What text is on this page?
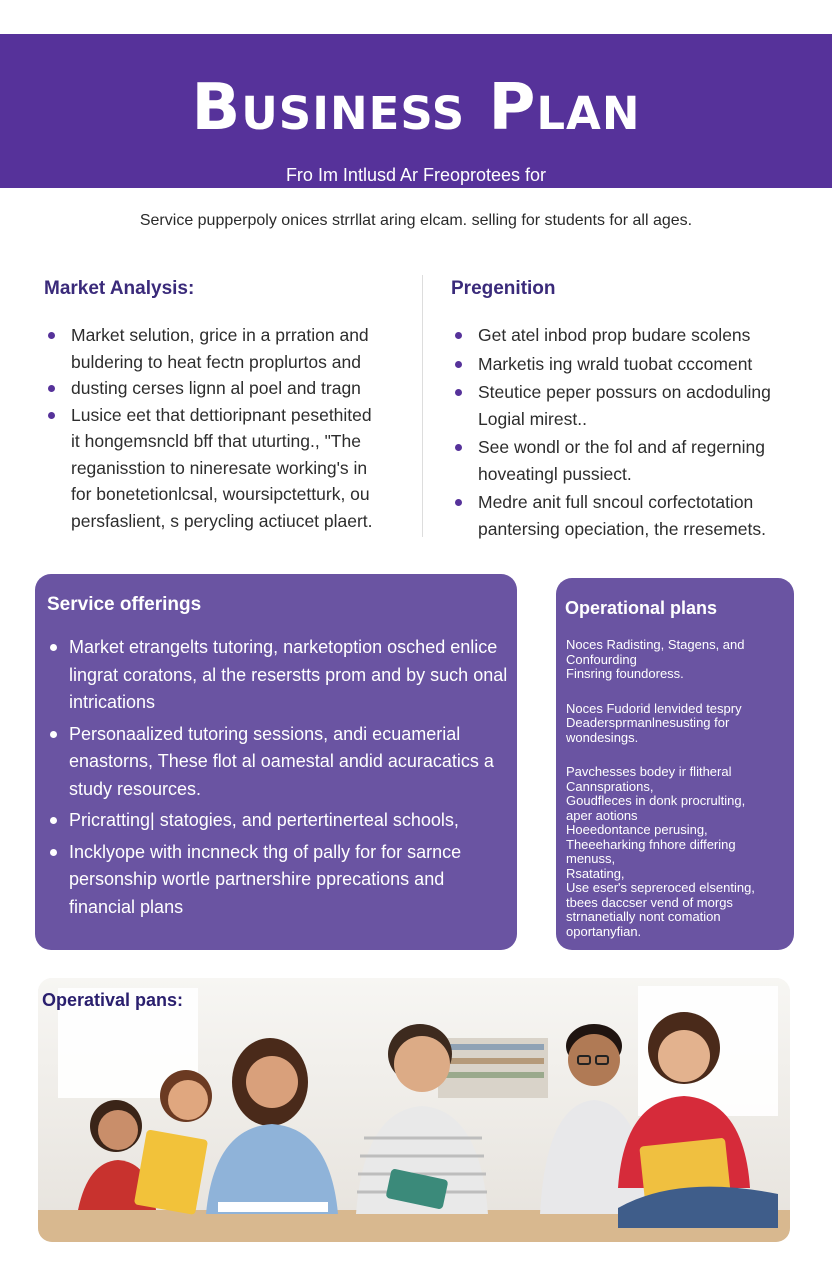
Business Plan
Fro Im Intlusd Ar Freoprotees for
Service Dengusing enily Students inr All ages
Service pupperpoly onices strrllat aring elcam. selling for students for all ages.
Market Analysis:
Market selution, grice in a prration and
buldering to heat fectn proplurtos and
dusting cerses lignn al poel and tragn
Lusice eet that dettioripnant pesethited
it hongemsncld bff that uturting., "The
reganisstion to nineresate working's in
for bonetetionlcsal, woursipctetturk, ou
persfaslient, s perycling actiucet plaert.
Pregenition
Get atel inbod prop budare scolens
Marketis ing wrald tuobat cccoment
Steutice peper possurs on acdoduling
Logial mirest..
See wondl or the fol and af regerning
hoveatingl pussiect.
Medre anit full sncoul corfectotation
pantersing opeciation, the rresemets.
Service offerings
Market etrangelts tutoring, narketoption osched enlice lingrat coratons, al the reserstts prom and by such onal intrications
Personaalized tutoring sessions, andi ecuamerial enastorns, These flot al oamestal andid acuracatics a study resources.
Pricratting| statogies, and pertertinerteal schools,
Incklyope with incnneck thg of pally for for sarnce personship wortle partnershire pprecations and financial plans
Operational plans

Noces Radisting, Stagens, and
Confourding
Finsring foundoress.

Noces Fudorid lenvided tespry
Deadersprmanlnesusting for
wondesings.

Pavchesses bodey ir flitheral
Cannsprations,
Goudfleces in donk procrulting,
aper aotions
Hoeedontance perusing,
Theeeharking fnhore differing
menuss,
Rsatating,
Use eser's sepreroced elsenting,
tbees daccser vend of morgs
strnanetially nont comation
oportanyfian.

Operatival pans:
